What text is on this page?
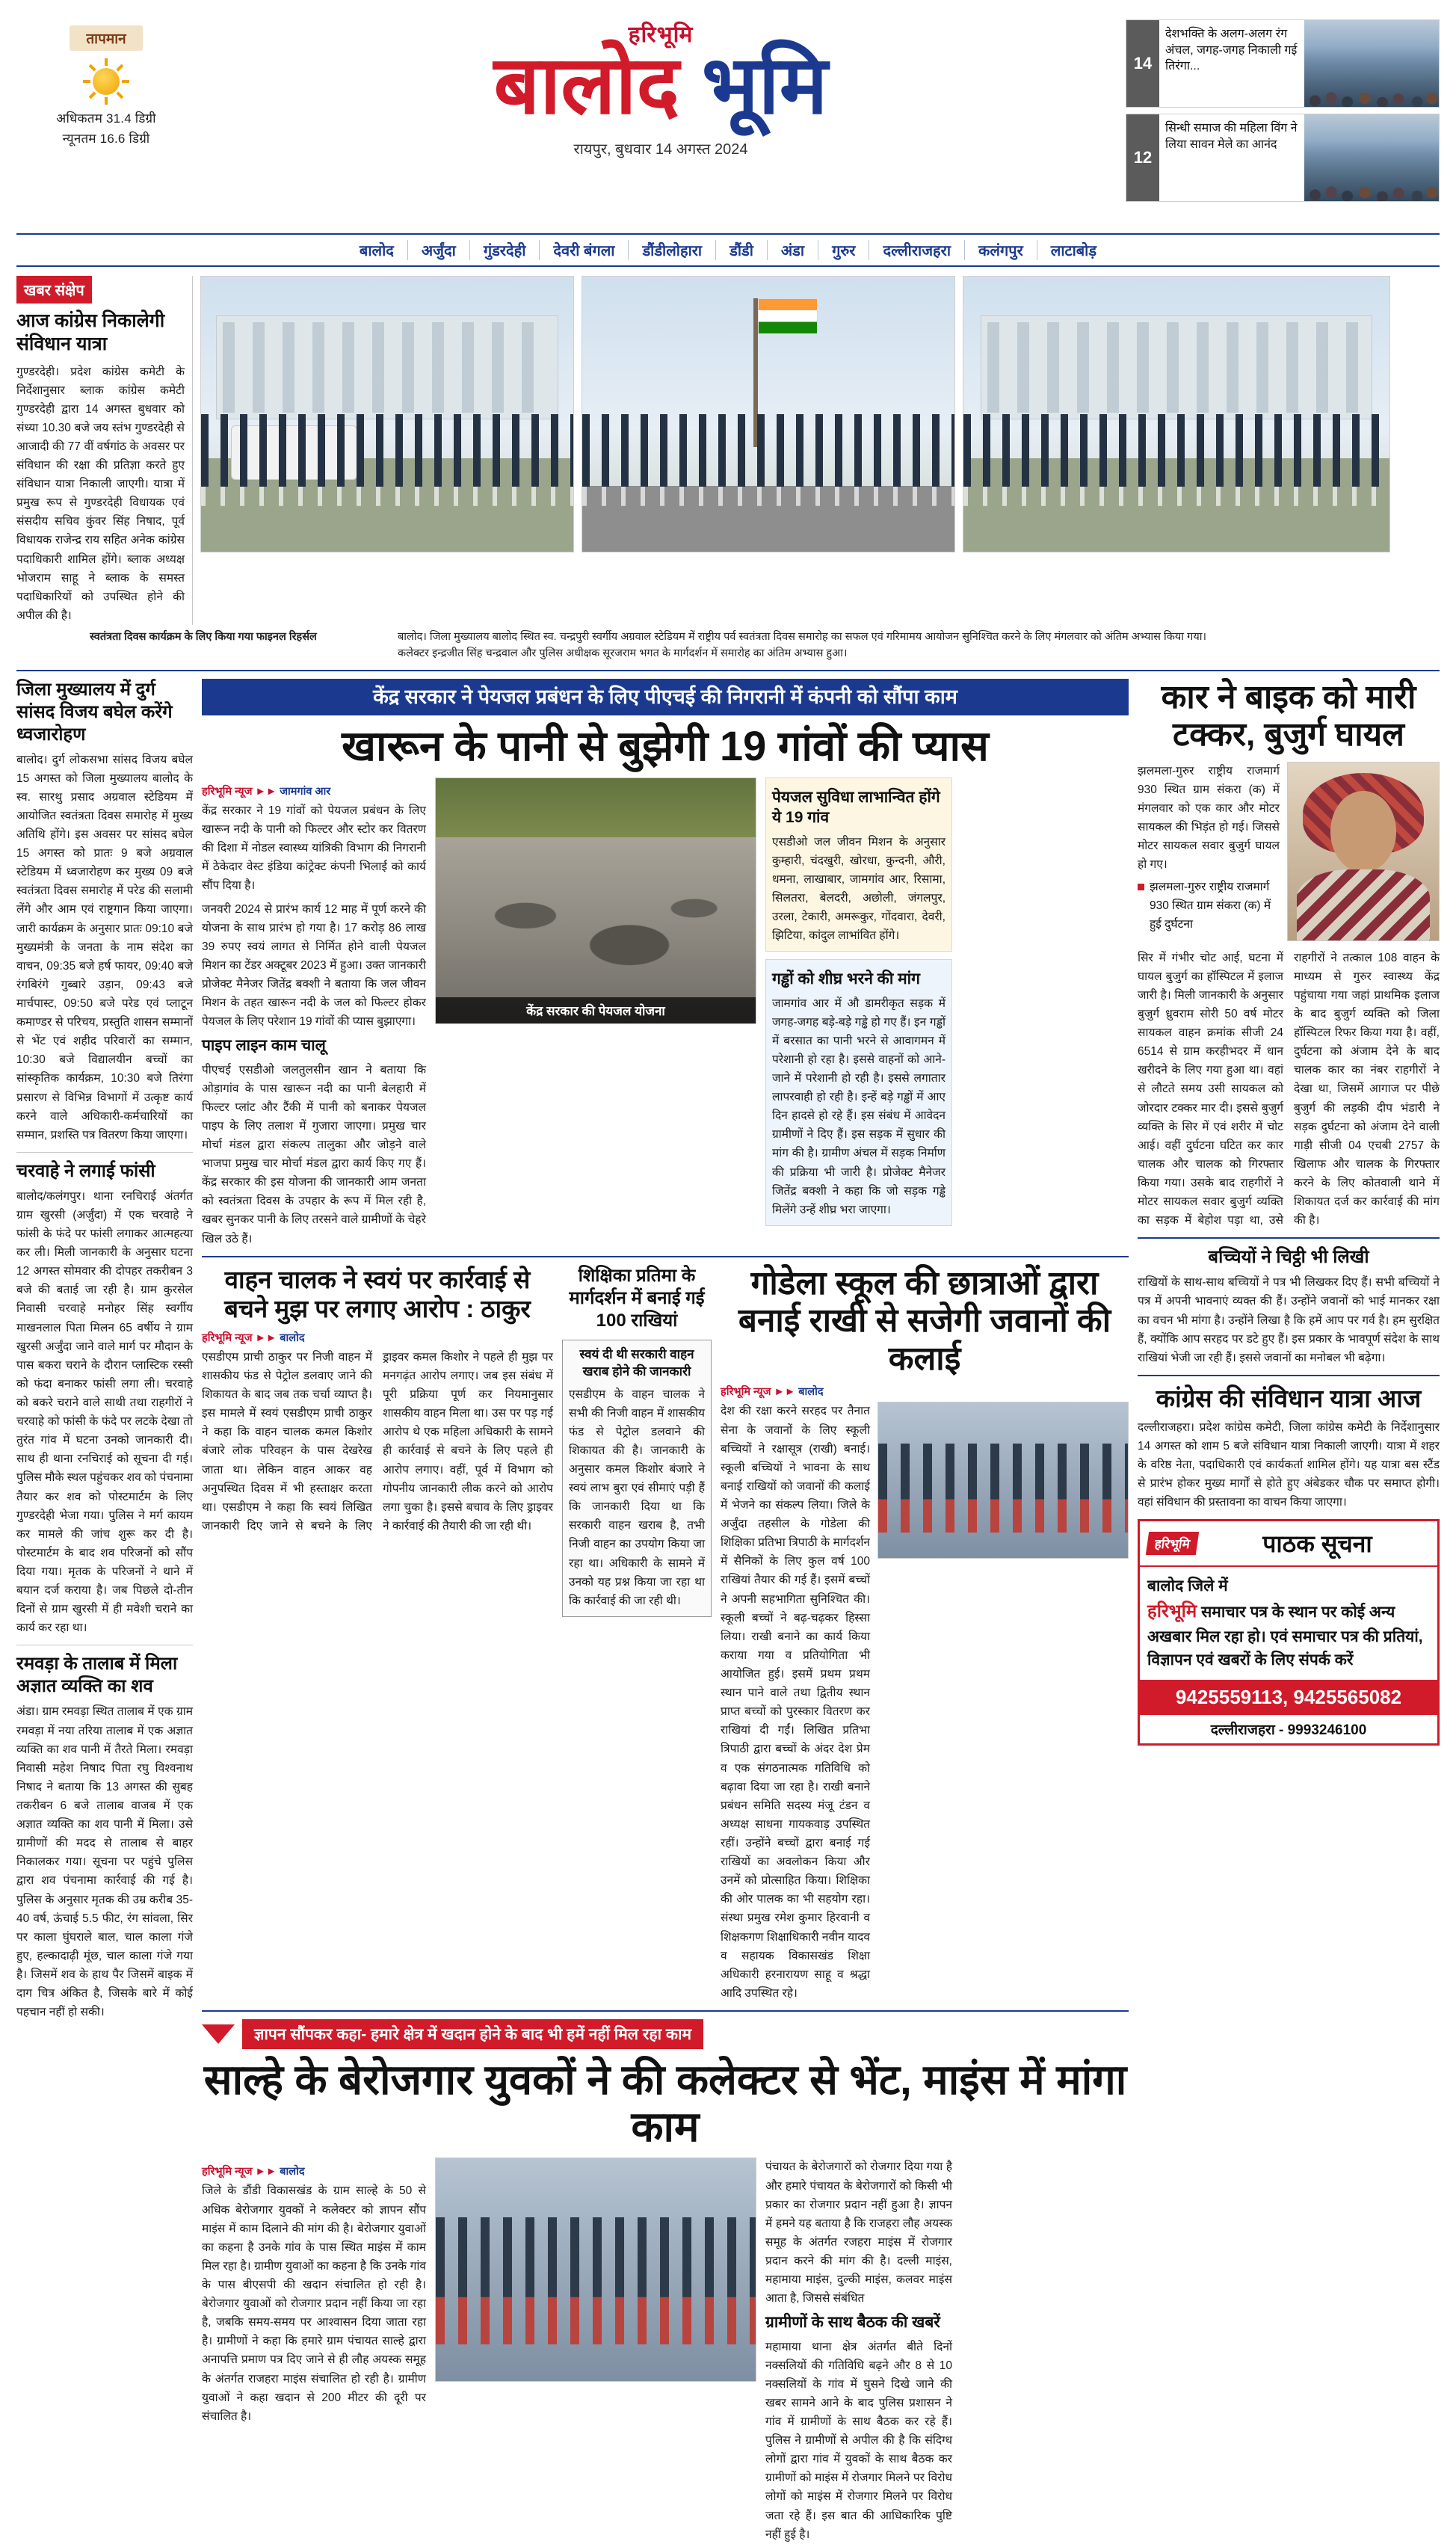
तापमान
अधिकतम 31.4 डिग्री
न्यूनतम 16.6 डिग्री
हरिभूमि
बालोद भूमि
रायपुर, बुधवार 14 अगस्त 2024
14
देशभक्ति के अलग-अलग रंग अंचल, जगह-जगह निकाली गई तिरंगा...
12
सिन्धी समाज की महिला विंग ने लिया सावन मेले का आनंद
बालोद	अर्जुंदा	गुंडरदेही	देवरी बंगला	डौंडीलोहारा	डौंडी	अंडा	गुरुर	दल्लीराजहरा	कलंगपुर	लाटाबोड़
खबर संक्षेप
आज कांग्रेस निकालेगी संविधान यात्रा
गुण्डरदेही। प्रदेश कांग्रेस कमेटी के निर्देशानुसार ब्लाक कांग्रेस कमेटी गुण्डरदेही द्वारा 14 अगस्त बुधवार को संध्या 10.30 बजे जय स्तंभ गुण्डरदेही से आजादी की 77 वीं वर्षगांठ के अवसर पर संविधान की रक्षा की प्रतिज्ञा करते हुए संविधान यात्रा निकाली जाएगी। यात्रा में प्रमुख रूप से गुण्डरदेही विधायक एवं संसदीय सचिव कुंवर सिंह निषाद, पूर्व विधायक राजेन्द्र राय सहित अनेक कांग्रेस पदाधिकारी शामिल होंगे। ब्लाक अध्यक्ष भोजराम साहू ने ब्लाक के समस्त पदाधिकारियों को उपस्थित होने की अपील की है।
स्वतंत्रता दिवस कार्यक्रम के लिए किया गया फाइनल रिहर्सल	बालोद। जिला मुख्यालय बालोद स्थित स्व. चन्द्रपुरी स्वर्गीय अग्रवाल स्टेडियम में राष्ट्रीय पर्व स्वतंत्रता दिवस समारोह का सफल एवं गरिमामय आयोजन सुनिश्चित करने के लिए मंगलवार को अंतिम अभ्यास किया गया। कलेक्टर इन्द्रजीत सिंह चन्द्रवाल और पुलिस अधीक्षक सूरजराम भगत के मार्गदर्शन में समारोह का अंतिम अभ्यास हुआ।
जिला मुख्यालय में दुर्ग सांसद विजय बघेल करेंगे ध्वजारोहण
बालोद। दुर्ग लोकसभा सांसद विजय बघेल 15 अगस्त को जिला मुख्यालय बालोद के स्व. सारथु प्रसाद अग्रवाल स्टेडियम में आयोजित स्वतंत्रता दिवस समारोह में मुख्य अतिथि होंगे। इस अवसर पर सांसद बघेल 15 अगस्त को प्रातः 9 बजे अग्रवाल स्टेडियम में ध्वजारोहण कर मुख्य 09 बजे स्वतंत्रता दिवस समारोह में परेड की सलामी लेंगे और आम एवं राष्ट्रगान किया जाएगा। जारी कार्यक्रम के अनुसार प्रातः 09:10 बजे मुख्यमंत्री के जनता के नाम संदेश का वाचन, 09:35 बजे हर्ष फायर, 09:40 बजे रंगबिरंगे गुब्बारे उड़ान, 09:43 बजे मार्चपास्ट, 09:50 बजे परेड एवं प्लाटून कमाण्डर से परिचय, प्रस्तुति शासन सम्मानों से भेंट एवं शहीद परिवारों का सम्मान, 10:30 बजे विद्यालयीन बच्चों का सांस्कृतिक कार्यक्रम, 10:30 बजे तिरंगा प्रसारण से विभिन्न विभागों में उत्कृष्ट कार्य करने वाले अधिकारी-कर्मचारियों का सम्मान, प्रशस्ति पत्र वितरण किया जाएगा।
चरवाहे ने लगाई फांसी
बालोद/कलंगपुर। थाना रनचिराई अंतर्गत ग्राम खुरसी (अर्जुंदा) में एक चरवाहे ने फांसी के फंदे पर फांसी लगाकर आत्महत्या कर ली। मिली जानकारी के अनुसार घटना 12 अगस्त सोमवार की दोपहर तकरीबन 3 बजे की बताई जा रही है। ग्राम कुरसेल निवासी चरवाहे मनोहर सिंह स्वर्गीय माखनलाल पिता मिलन 65 वर्षीय ने ग्राम खुरसी अर्जुंदा जाने वाले मार्ग पर मौदान के पास बकरा चराने के दौरान प्लास्टिक रस्सी को फंदा बनाकर फांसी लगा ली। चरवाहे को बकरे चराने वाले साथी तथा राहगीरों ने चरवाहे को फांसी के फंदे पर लटके देखा तो तुरंत गांव में घटना उनको जानकारी दी। साथ ही थाना रनचिराई को सूचना दी गई। पुलिस मौके स्थल पहुंचकर शव को पंचनामा तैयार कर शव को पोस्टमार्टम के लिए गुण्डरदेही भेजा गया। पुलिस ने मर्ग कायम कर मामले की जांच शुरू कर दी है। पोस्टमार्टम के बाद शव परिजनों को सौंप दिया गया। मृतक के परिजनों ने थाने में बयान दर्ज कराया है। जब पिछले दो-तीन दिनों से ग्राम खुरसी में ही मवेशी चराने का कार्य कर रहा था।
रमवड़ा के तालाब में मिला अज्ञात व्यक्ति का शव
अंडा। ग्राम रमवड़ा स्थित तालाब में एक ग्राम रमवड़ा में नया तरिया तालाब में एक अज्ञात व्यक्ति का शव पानी में तैरते मिला। रमवड़ा निवासी महेश निषाद पिता रघु विश्वनाथ निषाद ने बताया कि 13 अगस्त की सुबह तकरीबन 6 बजे तालाब वाजब में एक अज्ञात व्यक्ति का शव पानी में मिला। उसे ग्रामीणों की मदद से तालाब से बाहर निकालकर गया। सूचना पर पहुंचे पुलिस द्वारा शव पंचनामा कार्रवाई की गई है। पुलिस के अनुसार मृतक की उम्र करीब 35-40 वर्ष, ऊंचाई 5.5 फीट, रंग सांवला, सिर पर काला घुंघराले बाल, चाल काला गंजे हुए, हल्कादाढ़ी मूंछ, चाल काला गंजे गया है। जिसमें शव के हाथ पैर जिसमें बाइक में दाग चित्र अंकित है, जिसके बारे में कोई पहचान नहीं हो सकी।
केंद्र सरकार ने पेयजल प्रबंधन के लिए पीएचई की निगरानी में कंपनी को सौंपा काम
खारून के पानी से बुझेगी 19 गांवों की प्यास
हरिभूमि न्यूज ►► जामगांव आर
केंद्र सरकार ने 19 गांवों को पेयजल प्रबंधन के लिए खारून नदी के पानी को फिल्टर और स्टोर कर वितरण की दिशा में नोडल स्वास्थ्य यांत्रिकी विभाग की निगरानी में ठेकेदार वेस्ट इंडिया कांट्रेक्ट कंपनी भिलाई को कार्य सौंप दिया है।
जनवरी 2024 से प्रारंभ कार्य 12 माह में पूर्ण करने की योजना के साथ प्रारंभ हो गया है। 17 करोड़ 86 लाख 39 रुपए स्वयं लागत से निर्मित होने वाली पेयजल मिशन का टेंडर अक्टूबर 2023 में हुआ। उक्त जानकारी प्रोजेक्ट मैनेजर जितेंद्र बक्शी ने बताया कि जल जीवन मिशन के तहत खारून नदी के जल को फिल्टर होकर पेयजल के लिए परेशान 19 गांवों की प्यास बुझाएगा।
पाइप लाइन काम चालू
पीएचई एसडीओ जलतुलसीन खान ने बताया कि ओड़ागांव के पास खारून नदी का पानी बेलहारी में फिल्टर प्लांट और टैंकी में पानी को बनाकर पेयजल पाइप के लिए तलाश में गुजारा जाएगा। प्रमुख चार मोर्चा मंडल द्वारा संकल्प तालुका और जोड़ने वाले भाजपा प्रमुख चार मोर्चा मंडल द्वारा कार्य किए गए हैं। केंद्र सरकार की इस योजना की जानकारी आम जनता को स्वतंत्रता दिवस के उपहार के रूप में मिल रही है, खबर सुनकर पानी के लिए तरसने वाले ग्रामीणों के चेहरे खिल उठे हैं।
केंद्र सरकार की पेयजल योजना
पेयजल सुविधा लाभान्वित होंगे ये 19 गांव
एसडीओ जल जीवन मिशन के अनुसार कुम्हारी, चंदखुरी, खोरधा, कुन्दनी, औरी, धमना, लाखाबार, जामगांव आर, रिसामा, सिलतरा, बेलदरी, अछोली, जंगलपुर, उरला, टेकारी, अमरूकुर, गोंदवारा, देवरी, झिटिया, कांदुल लाभांवित होंगे।
गड्ढों को शीघ्र भरने की मांग
जामगांव आर में औ डामरीकृत सड़क में जगह-जगह बड़े-बड़े गड्ढे हो गए हैं। इन गड्ढों में बरसात का पानी भरने से आवागमन में परेशानी हो रहा है। इससे वाहनों को आने-जाने में परेशानी हो रही है। इससे लगातार लापरवाही हो रही है। इन्हें बड़े गड्ढों में आए दिन हादसे हो रहे हैं। इस संबंध में आवेदन ग्रामीणों ने दिए हैं। इस सड़क में सुधार की मांग की है। ग्रामीण अंचल में सड़क निर्माण की प्रक्रिया भी जारी है। प्रोजेक्ट मैनेजर जितेंद्र बक्शी ने कहा कि जो सड़क गड्ढे मिलेंगे उन्हें शीघ्र भरा जाएगा।
वाहन चालक ने स्वयं पर कार्रवाई से बचने मुझ पर लगाए आरोप : ठाकुर
हरिभूमि न्यूज ►► बालोद
एसडीएम प्राची ठाकुर पर निजी वाहन में शासकीय फंड से पेट्रोल डलवाए जाने की शिकायत के बाद जब तक चर्चा व्याप्त है। इस मामले में स्वयं एसडीएम प्राची ठाकुर ने कहा कि वाहन चालक कमल किशोर बंजारे लोक परिवहन के पास देखरेख जाता था। लेकिन वाहन आकर वह अनुपस्थित दिवस में भी हस्ताक्षर करता था। एसडीएम ने कहा कि स्वयं लिखित जानकारी दिए जाने से बचने के लिए ड्राइवर कमल किशोर ने पहले ही मुझ पर मनगढ़ंत आरोप लगाए। जब इस संबंध में पूरी प्रक्रिया पूर्ण कर नियमानुसार शासकीय वाहन मिला था। उस पर पड़ गई आरोप थे एक महिला अधिकारी के सामने ही कार्रवाई से बचने के लिए पहले ही आरोप लगाए। वहीं, पूर्व में विभाग को गोपनीय जानकारी लीक करने को आरोप लगा चुका है। इससे बचाव के लिए ड्राइवर ने कार्रवाई की तैयारी की जा रही थी।
शिक्षिका प्रतिमा के मार्गदर्शन में बनाई गई 100 राखियां
स्वयं दी थी सरकारी वाहन खराब होने की जानकारी
एसडीएम के वाहन चालक ने सभी की निजी वाहन में शासकीय फंड से पेट्रोल डलवाने की शिकायत की है। जानकारी के अनुसार कमल किशोर बंजारे ने स्वयं लाभ बुरा एवं सीमाएं पड़ी हैं कि जानकारी दिया था कि सरकारी वाहन खराब है, तभी निजी वाहन का उपयोग किया जा रहा था। अधिकारी के सामने में उनको यह प्रश्न किया जा रहा था कि कार्रवाई की जा रही थी।
गोडेला स्कूल की छात्राओं द्वारा बनाई राखी से सजेगी जवानों की कलाई
हरिभूमि न्यूज ►► बालोद
देश की रक्षा करने सरहद पर तैनात सेना के जवानों के लिए स्कूली बच्चियों ने रक्षासूत्र (राखी) बनाई। स्कूली बच्चियों ने भावना के साथ बनाई राखियों को जवानों की कलाई में भेजने का संकल्प लिया। जिले के अर्जुंदा तहसील के गोडेला की शिक्षिका प्रतिभा त्रिपाठी के मार्गदर्शन में सैनिकों के लिए कुल वर्ष 100 राखियां तैयार की गई हैं। इसमें बच्चों ने अपनी सहभागिता सुनिश्चित की। स्कूली बच्चों ने बढ़-चढ़कर हिस्सा लिया। राखी बनाने का कार्य किया कराया गया व प्रतियोगिता भी आयोजित हुई। इसमें प्रथम प्रथम स्थान पाने वाले तथा द्वितीय स्थान प्राप्त बच्चों को पुरस्कार वितरण कर राखियां दी गईं। लिखित प्रतिभा त्रिपाठी द्वारा बच्चों के अंदर देश प्रेम व एक संगठनात्मक गतिविधि को बढ़ावा दिया जा रहा है। राखी बनाने प्रबंधन समिति सदस्य मंजू टंडन व अध्यक्ष साधना गायकवाड़ उपस्थित रहीं। उन्होंने बच्चों द्वारा बनाई गई राखियों का अवलोकन किया और उनमें को प्रोत्साहित किया। शिक्षिका की ओर पालक का भी सहयोग रहा। संस्था प्रमुख रमेश कुमार हिरवानी व शिक्षकगण शिक्षाधिकारी नवीन यादव व सहायक विकासखंड शिक्षा अधिकारी हरनारायण साहू व श्रद्धा आदि उपस्थित रहे।
ज्ञापन सौंपकर कहा- हमारे क्षेत्र में खदान होने के बाद भी हमें नहीं मिल रहा काम
साल्हे के बेरोजगार युवकों ने की कलेक्टर से भेंट, माइंस में मांगा काम
हरिभूमि न्यूज ►► बालोद
जिले के डौंडी विकासखंड के ग्राम साल्हे के 50 से अधिक बेरोजगार युवकों ने कलेक्टर को ज्ञापन सौंप माइंस में काम दिलाने की मांग की है। बेरोजगार युवाओं का कहना है उनके गांव के पास स्थित माइंस में काम मिल रहा है। ग्रामीण युवाओं का कहना है कि उनके गांव के पास बीएसपी की खदान संचालित हो रही है। बेरोजगार युवाओं को रोजगार प्रदान नहीं किया जा रहा है, जबकि समय-समय पर आश्वासन दिया जाता रहा है। ग्रामीणों ने कहा कि हमारे ग्राम पंचायत साल्हे द्वारा अनापत्ति प्रमाण पत्र दिए जाने से ही लौह अयस्क समूह के अंतर्गत राजहरा माइंस संचालित हो रही है। ग्रामीण युवाओं ने कहा खदान से 200 मीटर की दूरी पर संचालित है।
पंचायत के बेरोजगारों को रोजगार दिया गया है और हमारे पंचायत के बेरोजगारों को किसी भी प्रकार का रोजगार प्रदान नहीं हुआ है। ज्ञापन में हमने यह बताया है कि राजहरा लौह अयस्क समूह के अंतर्गत रजहरा माइंस में रोजगार प्रदान करने की मांग की है। दल्ली माइंस, महामाया माइंस, दुल्की माइंस, कलवर माइंस आता है, जिससे संबंधित
ग्रामीणों के साथ बैठक की खबरें
महामाया थाना क्षेत्र अंतर्गत बीते दिनों नक्सलियों की गतिविधि बढ़ने और 8 से 10 नक्सलियों के गांव में घुसने दिखे जाने की खबर सामने आने के बाद पुलिस प्रशासन ने गांव में ग्रामीणों के साथ बैठक कर रहे हैं। पुलिस ने ग्रामीणों से अपील की है कि संदिग्ध लोगों द्वारा गांव में युवकों के साथ बैठक कर ग्रामीणों को माइंस में रोजगार मिलने पर विरोध लोगों को माइंस में रोजगार मिलने पर विरोध जता रहे हैं। इस बात की आधिकारिक पुष्टि नहीं हुई है।
कार ने बाइक को मारी टक्कर, बुजुर्ग घायल
झलमला-गुरुर राष्ट्रीय राजमार्ग 930 स्थित ग्राम संकरा (क) में मंगलवार को एक कार और मोटर सायकल की भिड़ंत हो गई। जिससे मोटर सायकल सवार बुजुर्ग घायल हो गए।
झलमला-गुरुर राष्ट्रीय राजमार्ग 930 स्थित ग्राम संकरा (क) में हुई दुर्घटना
सिर में गंभीर चोट आई, घटना में घायल बुजुर्ग का हॉस्पिटल में इलाज जारी है। मिली जानकारी के अनुसार बुजुर्ग ध्रुवराम सोरी 50 वर्ष मोटर सायकल वाहन क्रमांक सीजी 24 6514 से ग्राम करहीभदर में धान खरीदने के लिए गया हुआ था। वहां से लौटते समय उसी सायकल को जोरदार टक्कर मार दी। इससे बुजुर्ग व्यक्ति के सिर में एवं शरीर में चोट आई। वहीं दुर्घटना घटित कर कार चालक और चालक को गिरफ्तार किया गया। उसके बाद राहगीरों ने मोटर सायकल सवार बुजुर्ग व्यक्ति का सड़क में बेहोश पड़ा था, उसे राहगीरों ने तत्काल 108 वाहन के माध्यम से गुरुर स्वास्थ्य केंद्र पहुंचाया गया जहां प्राथमिक इलाज के बाद बुजुर्ग व्यक्ति को जिला हॉस्पिटल रिफर किया गया है। वहीं, दुर्घटना को अंजाम देने के बाद चालक कार का नंबर राहगीरों ने देखा था, जिसमें आगाज पर पीछे बुजुर्ग की लड़की दीप भंडारी ने सड़क दुर्घटना को अंजाम देने वाली गाड़ी सीजी 04 एचबी 2757 के खिलाफ और चालक के गिरफ्तार करने के लिए कोतवाली थाने में शिकायत दर्ज कर कार्रवाई की मांग की है।
बच्चियों ने चिट्ठी भी लिखी
राखियों के साथ-साथ बच्चियों ने पत्र भी लिखकर दिए हैं। सभी बच्चियों ने पत्र में अपनी भावनाएं व्यक्त की हैं। उन्होंने जवानों को भाई मानकर रक्षा का वचन भी मांगा है। उन्होंने लिखा है कि हमें आप पर गर्व है। हम सुरक्षित हैं, क्योंकि आप सरहद पर डटे हुए हैं। इस प्रकार के भावपूर्ण संदेश के साथ राखियां भेजी जा रही हैं। इससे जवानों का मनोबल भी बढ़ेगा।
कांग्रेस की संविधान यात्रा आज
दल्लीराजहरा। प्रदेश कांग्रेस कमेटी, जिला कांग्रेस कमेटी के निर्देशानुसार 14 अगस्त को शाम 5 बजे संविधान यात्रा निकाली जाएगी। यात्रा में शहर के वरिष्ठ नेता, पदाधिकारी एवं कार्यकर्ता शामिल होंगे। यह यात्रा बस स्टैंड से प्रारंभ होकर मुख्य मार्गों से होते हुए अंबेडकर चौक पर समाप्त होगी। वहां संविधान की प्रस्तावना का वाचन किया जाएगा।
हरिभूमि	पाठक सूचना
बालोद जिले में
हरिभूमि समाचार पत्र के स्थान पर कोई अन्य अखबार मिल रहा हो। एवं समाचार पत्र की प्रतियां, विज्ञापन एवं खबरों के लिए संपर्क करें
9425559113, 9425565082
दल्लीराजहरा - 9993246100
